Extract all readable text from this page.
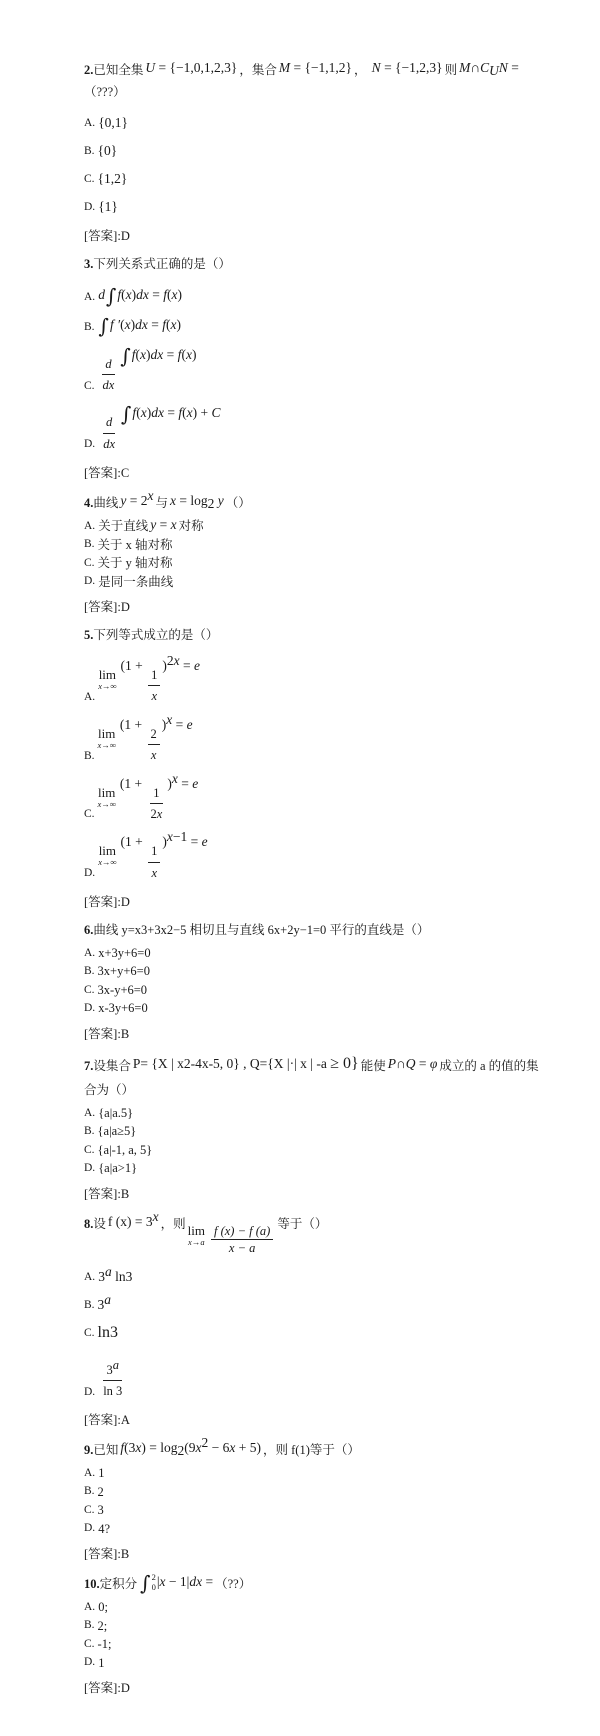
2.已知全集 U = {−1,0,1,2,3} ，集合 M = {−1,1,2} ， N = {−1,2,3} 则 $M\cap C_UN$ =（???）
A. {0,1}
B. {0}
C. {1,2}
D. {1}
[答案]:D
3.下列关系式正确的是（）
A. d ∫ f(x)dx = f(x)
B. ∫ f ′(x)dx = f(x)
C. $\frac{d}{dx}$ ∫ f(x)dx = f(x)
D. $\frac{d}{dx}$ ∫ f(x)dx = f(x) + C
[答案]:C
4.曲线 $y = 2^x$ 与 $x = \log_2 y$ （）
A. 关于直线 y = x 对称
B. 关于 x 轴对称
C. 关于 y 轴对称
D. 是同一条曲线
[答案]:D
5.下列等式成立的是（）
A.
lim
x→∞
(1 +
$\frac{1}{x}$
)$^{2x}$ = e
B.
lim
x→∞
(1 +
$\frac{2}{x}$
)$^x$ = e
C.
lim
x→∞
(1 +
$\frac{1}{2x}$
)$^x$ = e
D.
lim
x→∞
(1 +
$\frac{1}{x}$
)$^{x-1}$ = e
[答案]:D
6.曲线 y=x3+3x2−5 相切且与直线 6x+2y−1=0 平行的直线是（）
A. x+3y+6=0
B. 3x+y+6=0
C. 3x-y+6=0
D. x-3y+6=0
[答案]:B
7.设集合 P= {X | x2-4x-5, 0} , Q={X |·| x | -a ≥ 0} 能使 P∩Q = φ 成立的 a 的值的集合为（）
A. {a|a.5}
B. {a|a≥5}
C. {a|-1, a, 5}
D. {a|a>1}
[答案]:B
8.设 f $(x) = 3^x$ ，则 lim
$x\to a \frac{f (x) - f (a)}{x - a}$ 等于（）
A. 3$^a$ ln3
B. 3$^a$
C. ln3
D. $\frac{3^a}{\ln 3}$
[答案]:A
9.已知 $f(3x) = \log_2(9x^2 - 6x + 5)$ ，则 f(1)等于（）
A. 1
B. 2
C. 3
D. 4?
[答案]:B
10.定积分 ∫ 2
0 |x − 1|dx = （??）
A. 0;
B. 2;
C. -1;
D. 1
[答案]:D
